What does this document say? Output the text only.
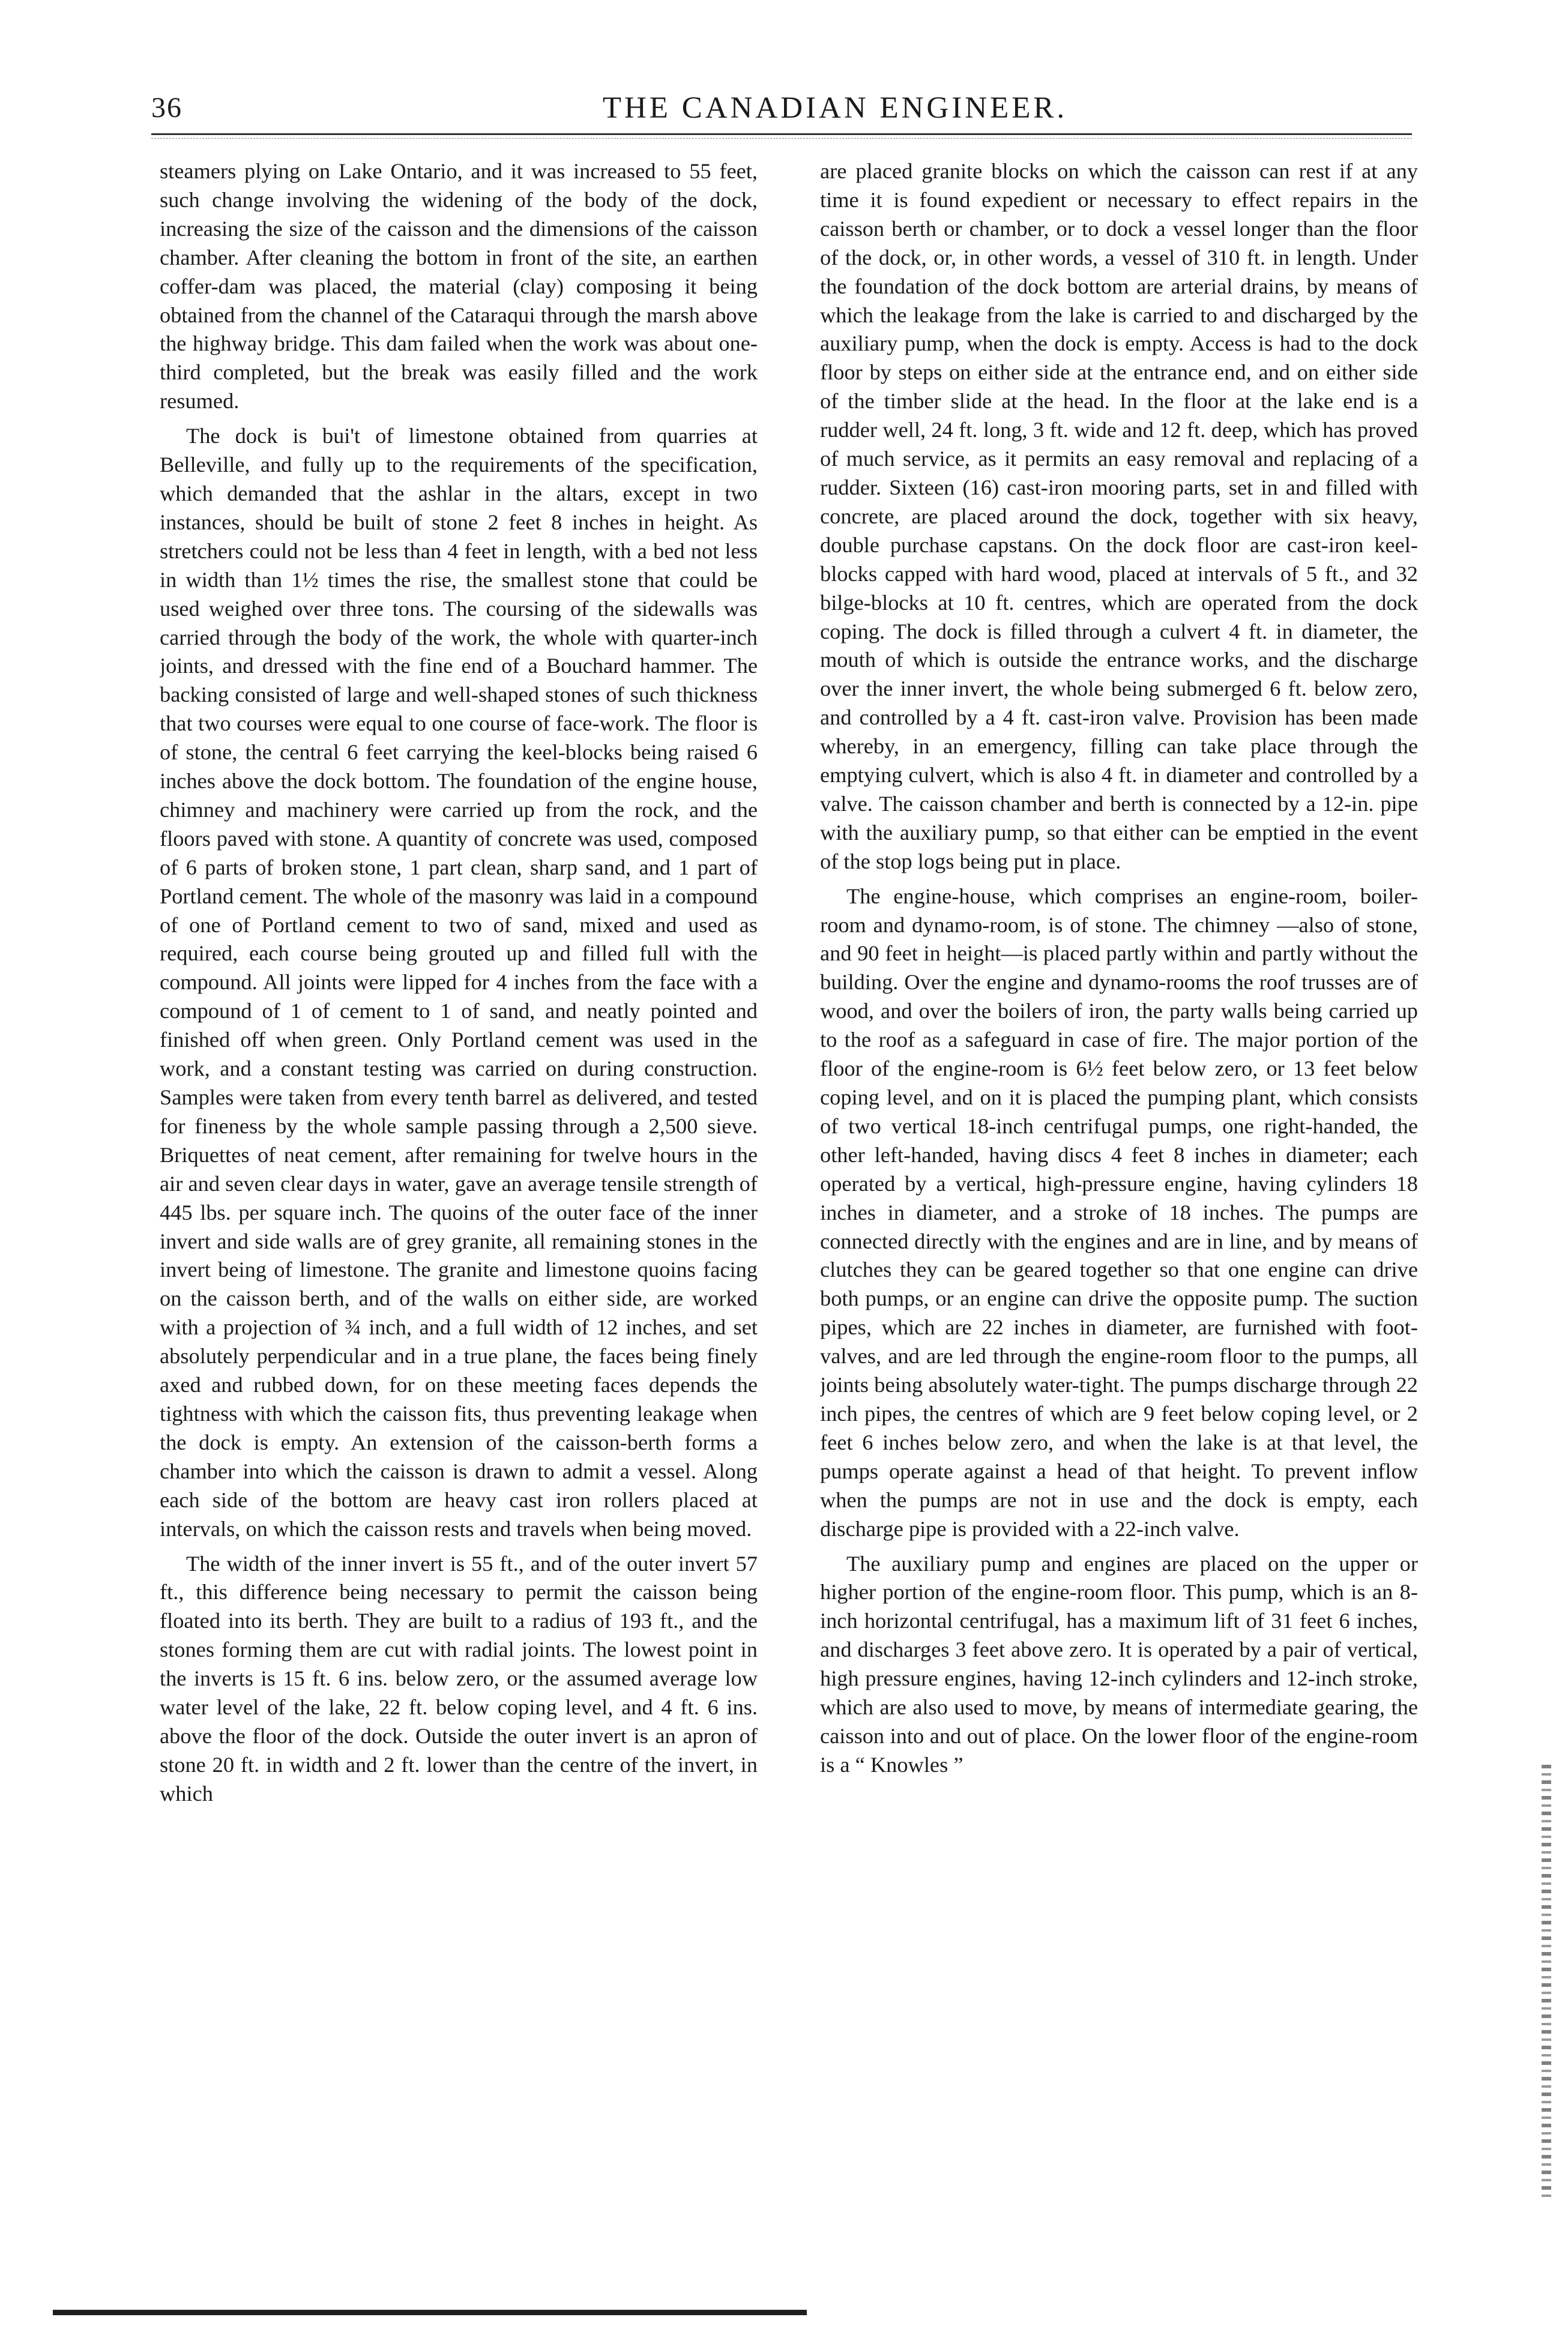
36	THE CANADIAN ENGINEER.

steamers plying on Lake Ontario, and it was increased to 55 feet, such change involving the widening of the body of the dock, increasing the size of the caisson and the dimensions of the caisson chamber. After cleaning the bottom in front of the site, an earthen coffer-dam was placed, the material (clay) composing it being obtained from the channel of the Cataraqui through the marsh above the highway bridge. This dam failed when the work was about one-third completed, but the break was easily filled and the work resumed.

The dock is bui't of limestone obtained from quarries at Belleville, and fully up to the requirements of the specification, which demanded that the ashlar in the altars, except in two instances, should be built of stone 2 feet 8 inches in height. As stretchers could not be less than 4 feet in length, with a bed not less in width than 1½ times the rise, the smallest stone that could be used weighed over three tons. The coursing of the sidewalls was carried through the body of the work, the whole with quarter-inch joints, and dressed with the fine end of a Bouchard hammer. The backing consisted of large and well-shaped stones of such thickness that two courses were equal to one course of face-work. The floor is of stone, the central 6 feet carrying the keel-blocks being raised 6 inches above the dock bottom. The foundation of the engine house, chimney and machinery were carried up from the rock, and the floors paved with stone. A quantity of concrete was used, composed of 6 parts of broken stone, 1 part clean, sharp sand, and 1 part of Portland cement. The whole of the masonry was laid in a compound of one of Portland cement to two of sand, mixed and used as required, each course being grouted up and filled full with the compound. All joints were lipped for 4 inches from the face with a compound of 1 of cement to 1 of sand, and neatly pointed and finished off when green. Only Portland cement was used in the work, and a constant testing was carried on during construction. Samples were taken from every tenth barrel as delivered, and tested for fineness by the whole sample passing through a 2,500 sieve. Briquettes of neat cement, after remaining for twelve hours in the air and seven clear days in water, gave an average tensile strength of 445 lbs. per square inch. The quoins of the outer face of the inner invert and side walls are of grey granite, all remaining stones in the invert being of limestone. The granite and limestone quoins facing on the caisson berth, and of the walls on either side, are worked with a projection of ¾ inch, and a full width of 12 inches, and set absolutely perpendicular and in a true plane, the faces being finely axed and rubbed down, for on these meeting faces depends the tightness with which the caisson fits, thus preventing leakage when the dock is empty. An extension of the caisson-berth forms a chamber into which the caisson is drawn to admit a vessel. Along each side of the bottom are heavy cast iron rollers placed at intervals, on which the caisson rests and travels when being moved.

The width of the inner invert is 55 ft., and of the outer invert 57 ft., this difference being necessary to permit the caisson being floated into its berth. They are built to a radius of 193 ft., and the stones forming them are cut with radial joints. The lowest point in the inverts is 15 ft. 6 ins. below zero, or the assumed average low water level of the lake, 22 ft. below coping level, and 4 ft. 6 ins. above the floor of the dock. Outside the outer invert is an apron of stone 20 ft. in width and 2 ft. lower than the centre of the invert, in which

are placed granite blocks on which the caisson can rest if at any time it is found expedient or necessary to effect repairs in the caisson berth or chamber, or to dock a vessel longer than the floor of the dock, or, in other words, a vessel of 310 ft. in length. Under the foundation of the dock bottom are arterial drains, by means of which the leakage from the lake is carried to and discharged by the auxiliary pump, when the dock is empty. Access is had to the dock floor by steps on either side at the entrance end, and on either side of the timber slide at the head. In the floor at the lake end is a rudder well, 24 ft. long, 3 ft. wide and 12 ft. deep, which has proved of much service, as it permits an easy removal and replacing of a rudder. Sixteen (16) cast-iron mooring parts, set in and filled with concrete, are placed around the dock, together with six heavy, double purchase capstans. On the dock floor are cast-iron keel-blocks capped with hard wood, placed at intervals of 5 ft., and 32 bilge-blocks at 10 ft. centres, which are operated from the dock coping. The dock is filled through a culvert 4 ft. in diameter, the mouth of which is outside the entrance works, and the discharge over the inner invert, the whole being submerged 6 ft. below zero, and controlled by a 4 ft. cast-iron valve. Provision has been made whereby, in an emergency, filling can take place through the emptying culvert, which is also 4 ft. in diameter and controlled by a valve. The caisson chamber and berth is connected by a 12-in. pipe with the auxiliary pump, so that either can be emptied in the event of the stop logs being put in place.

The engine-house, which comprises an engine-room, boiler-room and dynamo-room, is of stone. The chimney —also of stone, and 90 feet in height—is placed partly within and partly without the building. Over the engine and dynamo-rooms the roof trusses are of wood, and over the boilers of iron, the party walls being carried up to the roof as a safeguard in case of fire. The major portion of the floor of the engine-room is 6½ feet below zero, or 13 feet below coping level, and on it is placed the pumping plant, which consists of two vertical 18-inch centrifugal pumps, one right-handed, the other left-handed, having discs 4 feet 8 inches in diameter; each operated by a vertical, high-pressure engine, having cylinders 18 inches in diameter, and a stroke of 18 inches. The pumps are connected directly with the engines and are in line, and by means of clutches they can be geared together so that one engine can drive both pumps, or an engine can drive the opposite pump. The suction pipes, which are 22 inches in diameter, are furnished with foot-valves, and are led through the engine-room floor to the pumps, all joints being absolutely water-tight. The pumps discharge through 22 inch pipes, the centres of which are 9 feet below coping level, or 2 feet 6 inches below zero, and when the lake is at that level, the pumps operate against a head of that height. To prevent inflow when the pumps are not in use and the dock is empty, each discharge pipe is provided with a 22-inch valve.

The auxiliary pump and engines are placed on the upper or higher portion of the engine-room floor. This pump, which is an 8-inch horizontal centrifugal, has a maximum lift of 31 feet 6 inches, and discharges 3 feet above zero. It is operated by a pair of vertical, high pressure engines, having 12-inch cylinders and 12-inch stroke, which are also used to move, by means of intermediate gearing, the caisson into and out of place. On the lower floor of the engine-room is a “ Knowles ”
